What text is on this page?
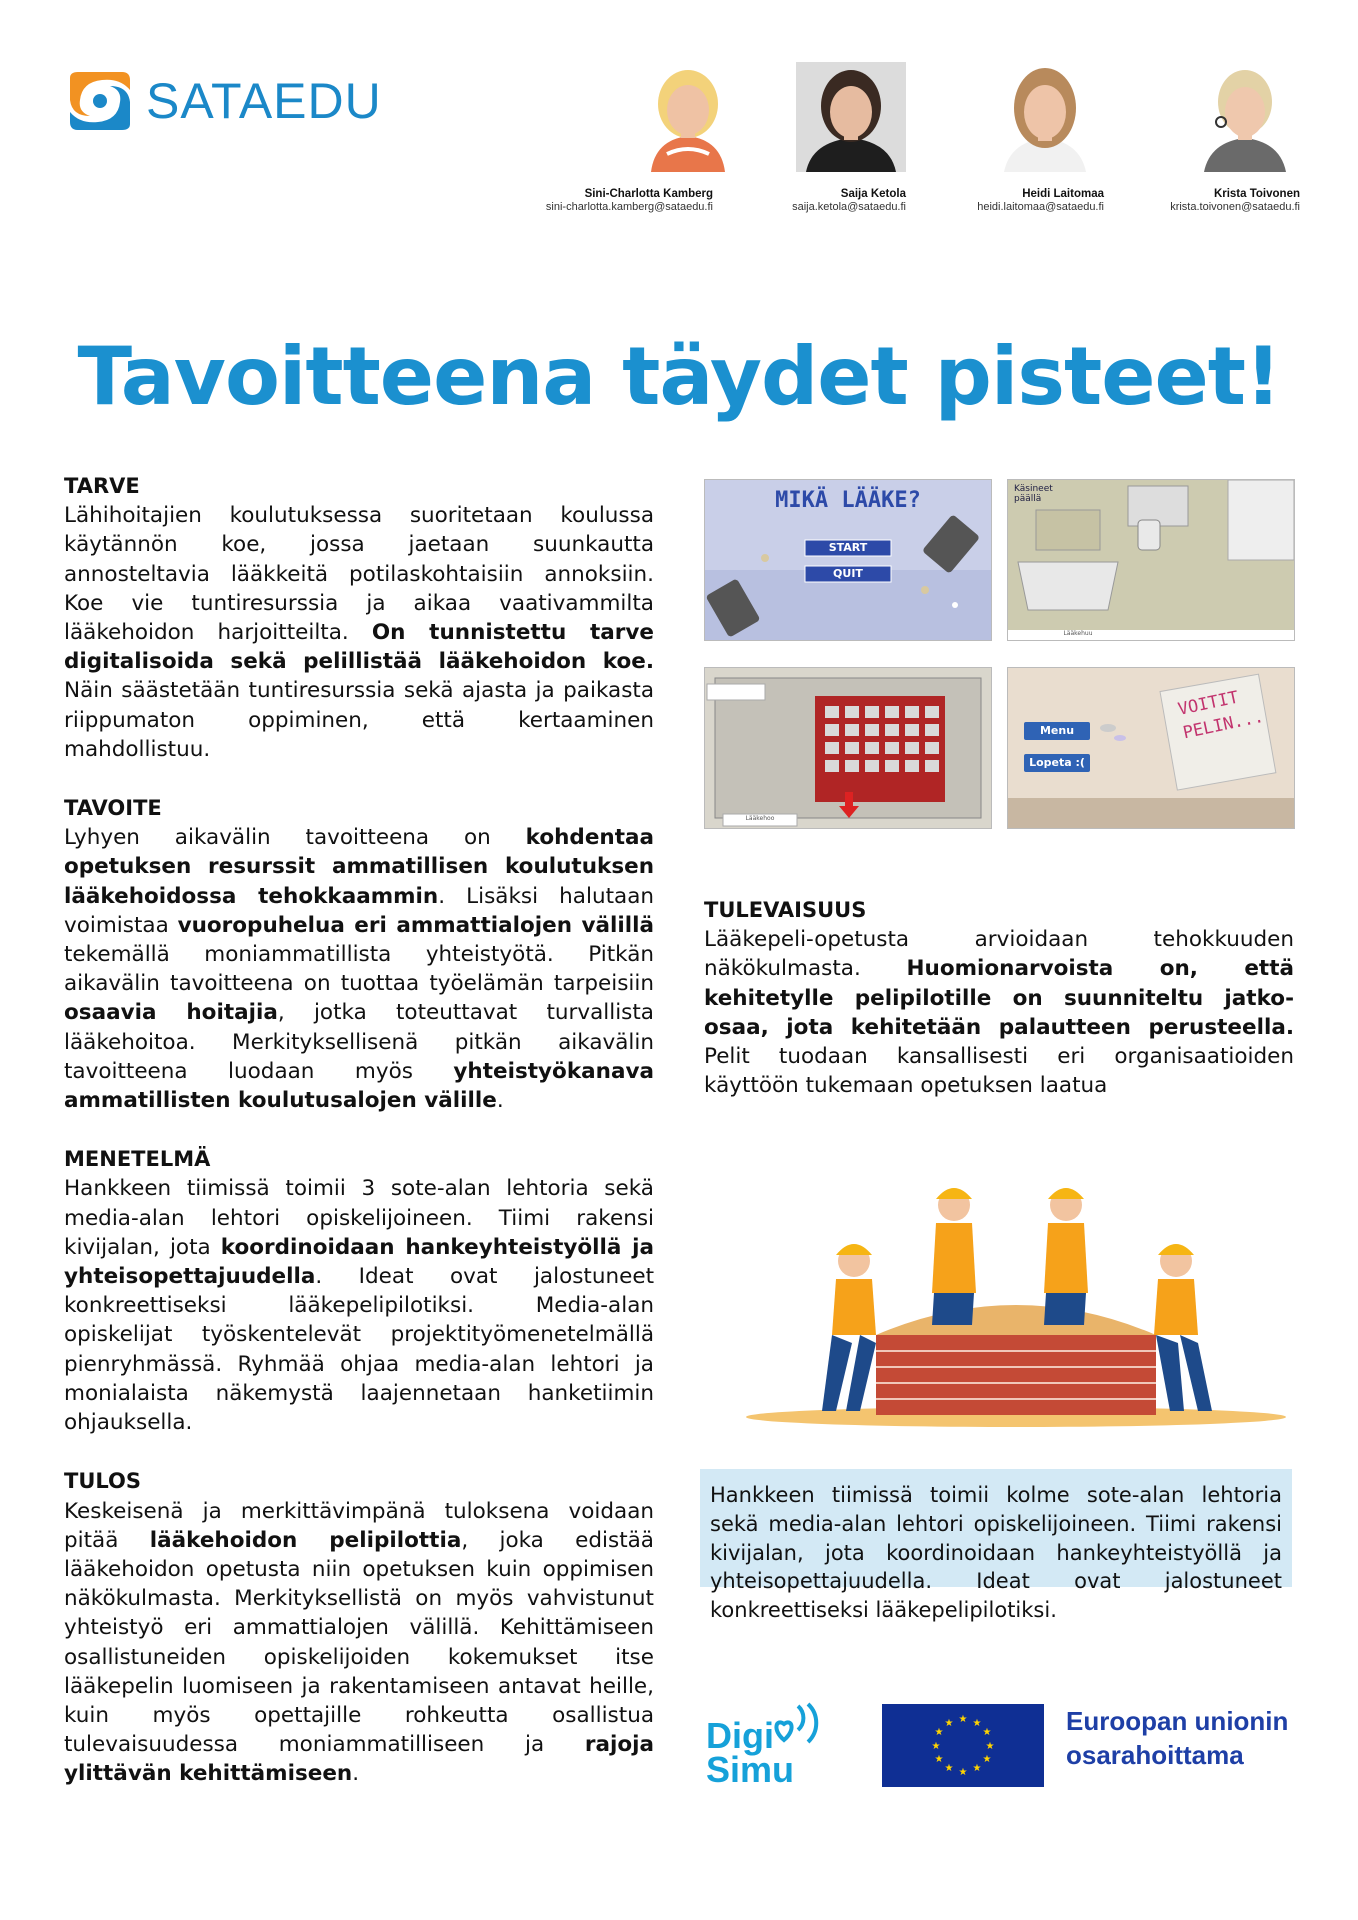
SATAEDU
Sini-Charlotta Kamberg
sini-charlotta.kamberg@sataedu.fi
Saija Ketola
saija.ketola@sataedu.fi
Heidi Laitomaa
heidi.laitomaa@sataedu.fi
Krista Toivonen
krista.toivonen@sataedu.fi
Tavoitteena täydet pisteet!
TARVE
Lähihoitajien koulutuksessa suoritetaan koulussa käytännön koe, jossa jaetaan suunkautta annosteltavia lääkkeitä potilaskohtaisiin annoksiin. Koe vie tuntiresurssia ja aikaa vaativammilta lääkehoidon harjoitteilta. On tunnistettu tarve digitalisoida sekä pelillistää lääkehoidon koe. Näin säästetään tuntiresurssia sekä ajasta ja paikasta riippumaton oppiminen, että kertaaminen mahdollistuu.
TAVOITE
Lyhyen aikavälin tavoitteena on kohdentaa opetuksen resurssit ammatillisen koulutuksen lääkehoidossa tehokkaammin. Lisäksi halutaan voimistaa vuoropuhelua eri ammattialojen välillä tekemällä moniammatillista yhteistyötä. Pitkän aikavälin tavoitteena on tuottaa työelämän tarpeisiin osaavia hoitajia, jotka toteuttavat turvallista lääkehoitoa. Merkityksellisenä pitkän aikavälin tavoitteena luodaan myös yhteistyökanava ammatillisten koulutusalojen välille.
MENETELMÄ
Hankkeen tiimissä toimii 3 sote-alan lehtoria sekä media-alan lehtori opiskelijoineen. Tiimi rakensi kivijalan, jota koordinoidaan hankeyhteistyöllä ja yhteisopettajuudella. Ideat ovat jalostuneet konkreettiseksi lääkepelipilotiksi. Media-alan opiskelijat työskentelevät projektityömenetelmällä pienryhmässä. Ryhmää ohjaa media-alan lehtori ja monialaista näkemystä laajennetaan hanketiimin ohjauksella.
TULOS
Keskeisenä ja merkittävimpänä tuloksena voidaan pitää lääkehoidon pelipilottia, joka edistää lääkehoidon opetusta niin opetuksen kuin oppimisen näkökulmasta. Merkityksellistä on myös vahvistunut yhteistyö eri ammattialojen välillä. Kehittämiseen osallistuneiden opiskelijoiden kokemukset itse lääkepelin luomiseen ja rakentamiseen antavat heille, kuin myös opettajille rohkeutta osallistua tulevaisuudessa moniammatilliseen ja rajoja ylittävän kehittämiseen.
MIKÄ LÄÄKE?
START
QUIT
Käsineet päällä
Lääkehuu
Lääkehoo
Menu
Lopeta :(
VOITIT PELIN...
TULEVAISUUS
Lääkepeli-opetusta arvioidaan tehokkuuden näkökulmasta. Huomionarvoista on, että kehitetylle pelipilotille on suunniteltu jatko-osaa, jota kehitetään palautteen perusteella. Pelit tuodaan kansallisesti eri organisaatioiden käyttöön tukemaan opetuksen laatua
Hankkeen tiimissä toimii kolme sote-alan lehtoria sekä media-alan lehtori opiskelijoineen. Tiimi rakensi kivijalan, jota koordinoidaan hankeyhteistyöllä ja yhteisopettajuudella. Ideat ovat jalostuneet konkreettiseksi lääkepelipilotiksi.
Digi
Simu
★ ★
★
★
★
★
★
★
★
★
★
★	Euroopan unionin
osarahoittama
